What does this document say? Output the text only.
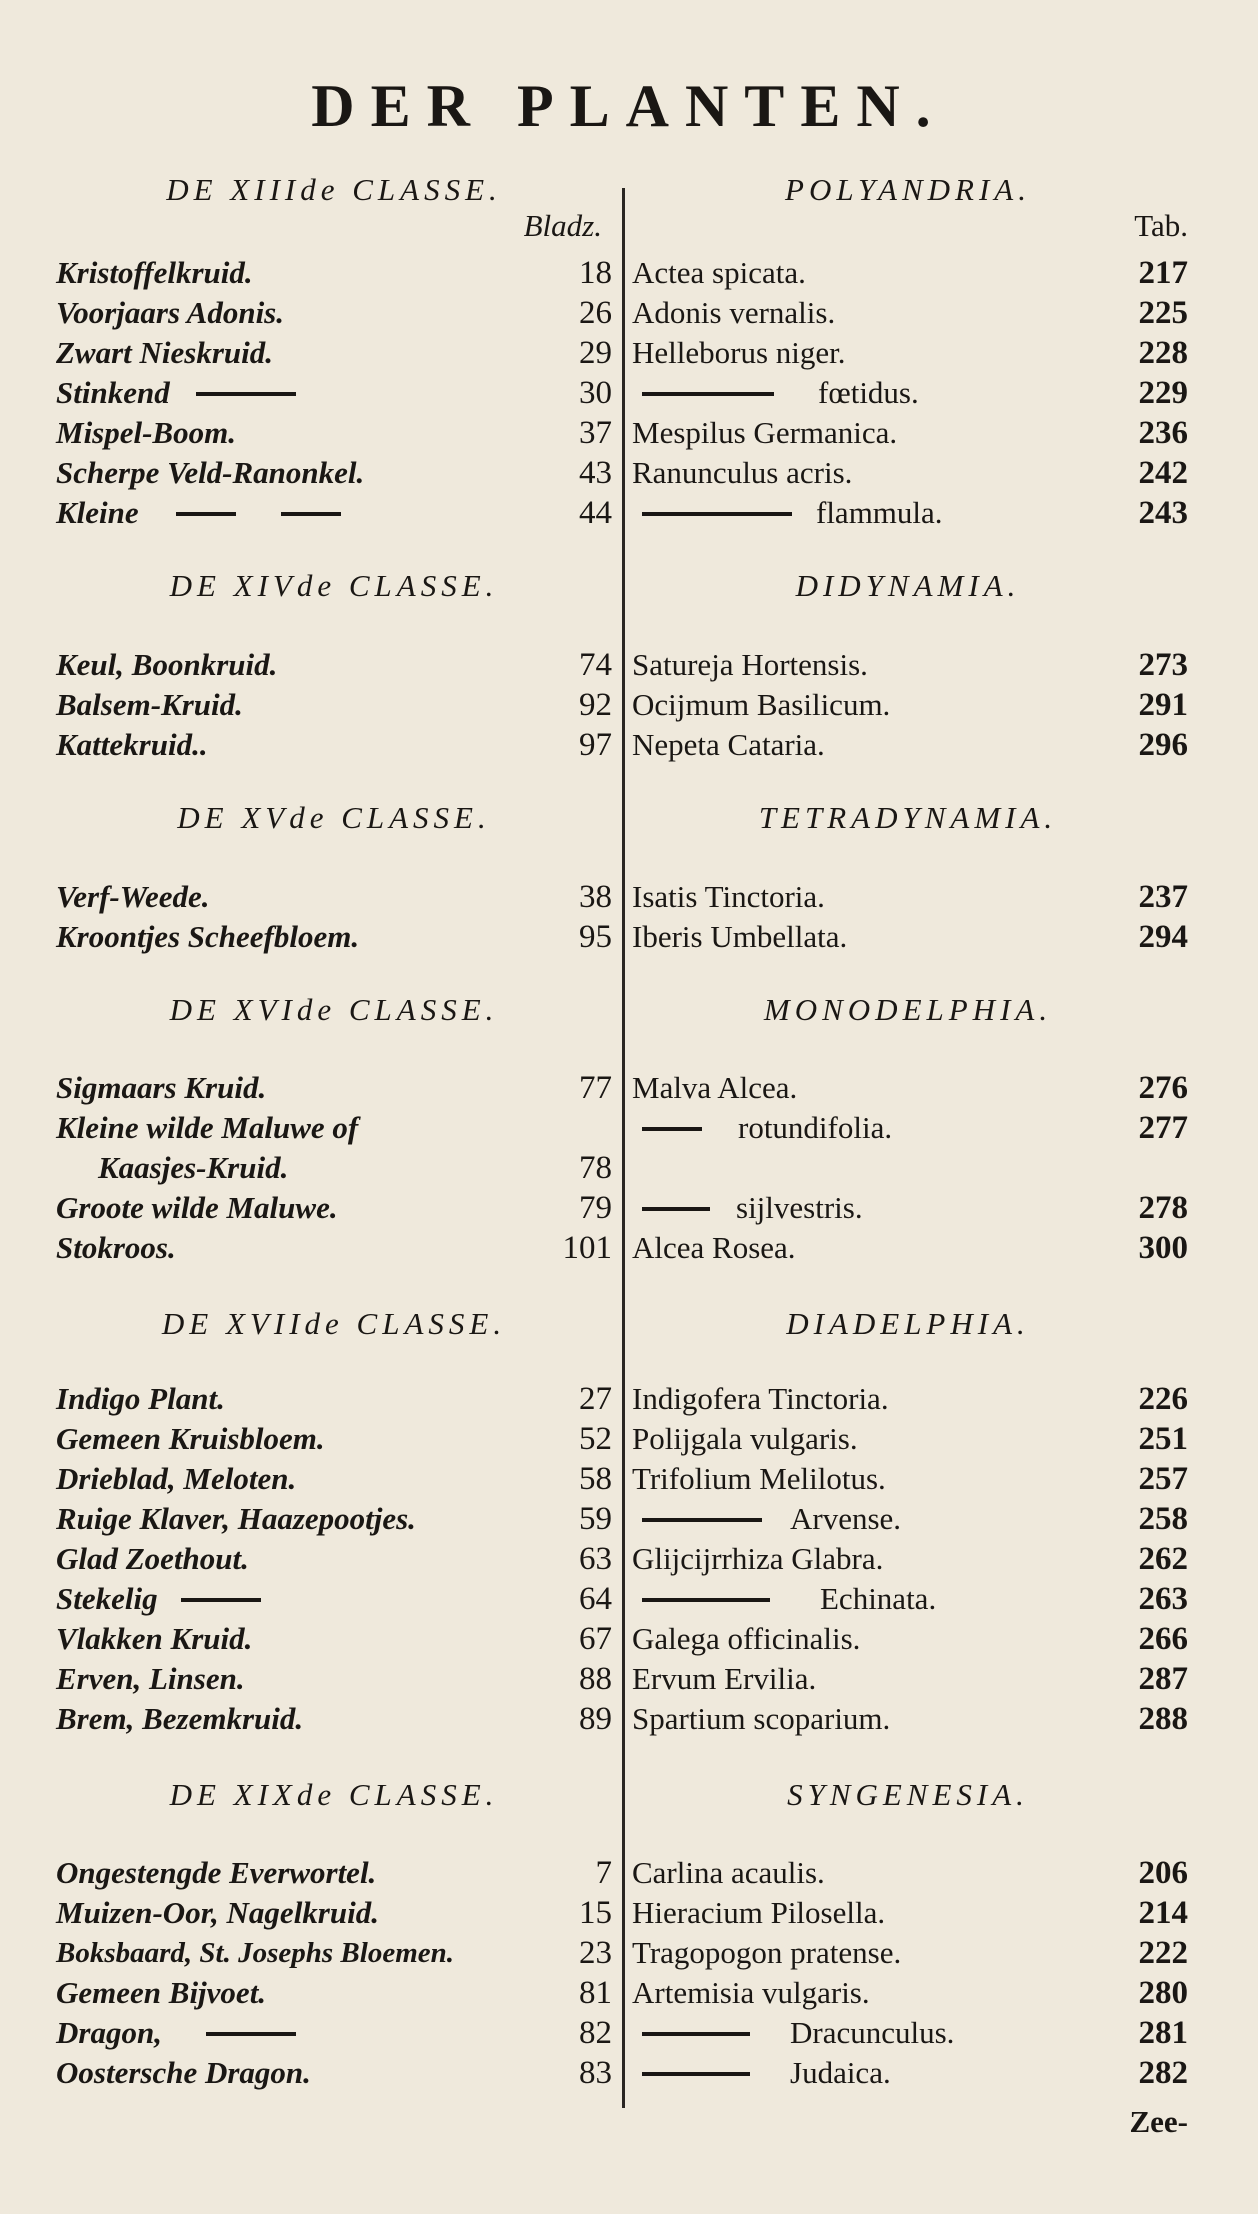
DER PLANTEN.
DE XIIIde CLASSE.
Bladz.
Kristoffelkruid.	18
Voorjaars Adonis.	26
Zwart Nieskruid.	29
Stinkend	30
Mispel-Boom.	37
Scherpe Veld-Ranonkel.	43
Kleine	44
DE XIVde CLASSE.
Keul, Boonkruid.	74
Balsem-Kruid.	92
Kattekruid..	97
DE XVde CLASSE.
Verf-Weede.	38
Kroontjes Scheefbloem.	95
DE XVIde CLASSE.
Sigmaars Kruid.	77
Kleine wilde Maluwe of
Kaasjes-Kruid.	78
Groote wilde Maluwe.	79
Stokroos.	101
DE XVIIde CLASSE.
Indigo Plant.	27
Gemeen Kruisbloem.	52
Drieblad, Meloten.	58
Ruige Klaver, Haazepootjes.	59
Glad Zoethout.	63
Stekelig	64
Vlakken Kruid.	67
Erven, Linsen.	88
Brem, Bezemkruid.	89
DE XIXde CLASSE.
Ongestengde Everwortel.	7
Muizen-Oor, Nagelkruid.	15
Boksbaard, St. Josephs Bloemen.	23
Gemeen Bijvoet.	81
Dragon,	82
Oostersche Dragon.	83
POLYANDRIA.
Tab.
Actea spicata.	217
Adonis vernalis.	225
Helleborus niger.	228
fœtidus.	229
Mespilus Germanica.	236
Ranunculus acris.	242
flammula.	243
DIDYNAMIA.
Satureja Hortensis.	273
Ocijmum Basilicum.	291
Nepeta Cataria.	296
TETRADYNAMIA.
Isatis Tinctoria.	237
Iberis Umbellata.	294
MONODELPHIA.
Malva Alcea.	276
rotundifolia.	277
sijlvestris.	278
Alcea Rosea.	300
DIADELPHIA.
Indigofera Tinctoria.	226
Polijgala vulgaris.	251
Trifolium Melilotus.	257
Arvense.	258
Glijcijrrhiza Glabra.	262
Echinata.	263
Galega officinalis.	266
Ervum Ervilia.	287
Spartium scoparium.	288
SYNGENESIA.
Carlina acaulis.	206
Hieracium Pilosella.	214
Tragopogon pratense.	222
Artemisia vulgaris.	280
Dracunculus.	281
Judaica.	282
Zee-
